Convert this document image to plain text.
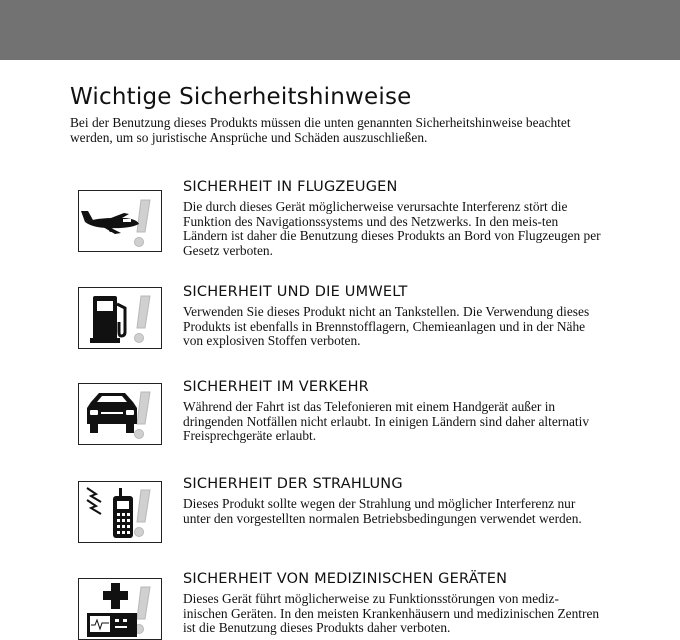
Wichtige Sicherheitshinweise

Bei der Benutzung dieses Produkts müssen die unten genannten Sicherheitshinweise beachtet werden, um so juristische Ansprüche und Schäden auszuschließen.

SICHERHEIT IN FLUGZEUGEN

Die durch dieses Gerät möglicherweise verursachte Interferenz stört die Funktion des Navigationssystems und des Netzwerks. In den meis-ten Ländern ist daher die Benutzung dieses Produkts an Bord von Flugzeugen per Gesetz verboten.

SICHERHEIT UND DIE UMWELT

Verwenden Sie dieses Produkt nicht an Tankstellen. Die Verwendung dieses Produkts ist ebenfalls in Brennstofflagern, Chemieanlagen und in der Nähe von explosiven Stoffen verboten.

SICHERHEIT IM VERKEHR

Während der Fahrt ist das Telefonieren mit einem Handgerät außer in dringenden Notfällen nicht erlaubt. In einigen Ländern sind daher alternativ Freisprechgeräte erlaubt.

SICHERHEIT DER STRAHLUNG

Dieses Produkt sollte wegen der Strahlung und möglicher Interferenz nur unter den vorgestellten normalen Betriebsbedingungen verwendet werden.

SICHERHEIT VON MEDIZINISCHEN GERÄTEN

Dieses Gerät führt möglicherweise zu Funktionsstörungen von mediz-inischen Geräten. In den meisten Krankenhäusern und medizinischen Zentren ist die Benutzung dieses Produkts daher verboten.
